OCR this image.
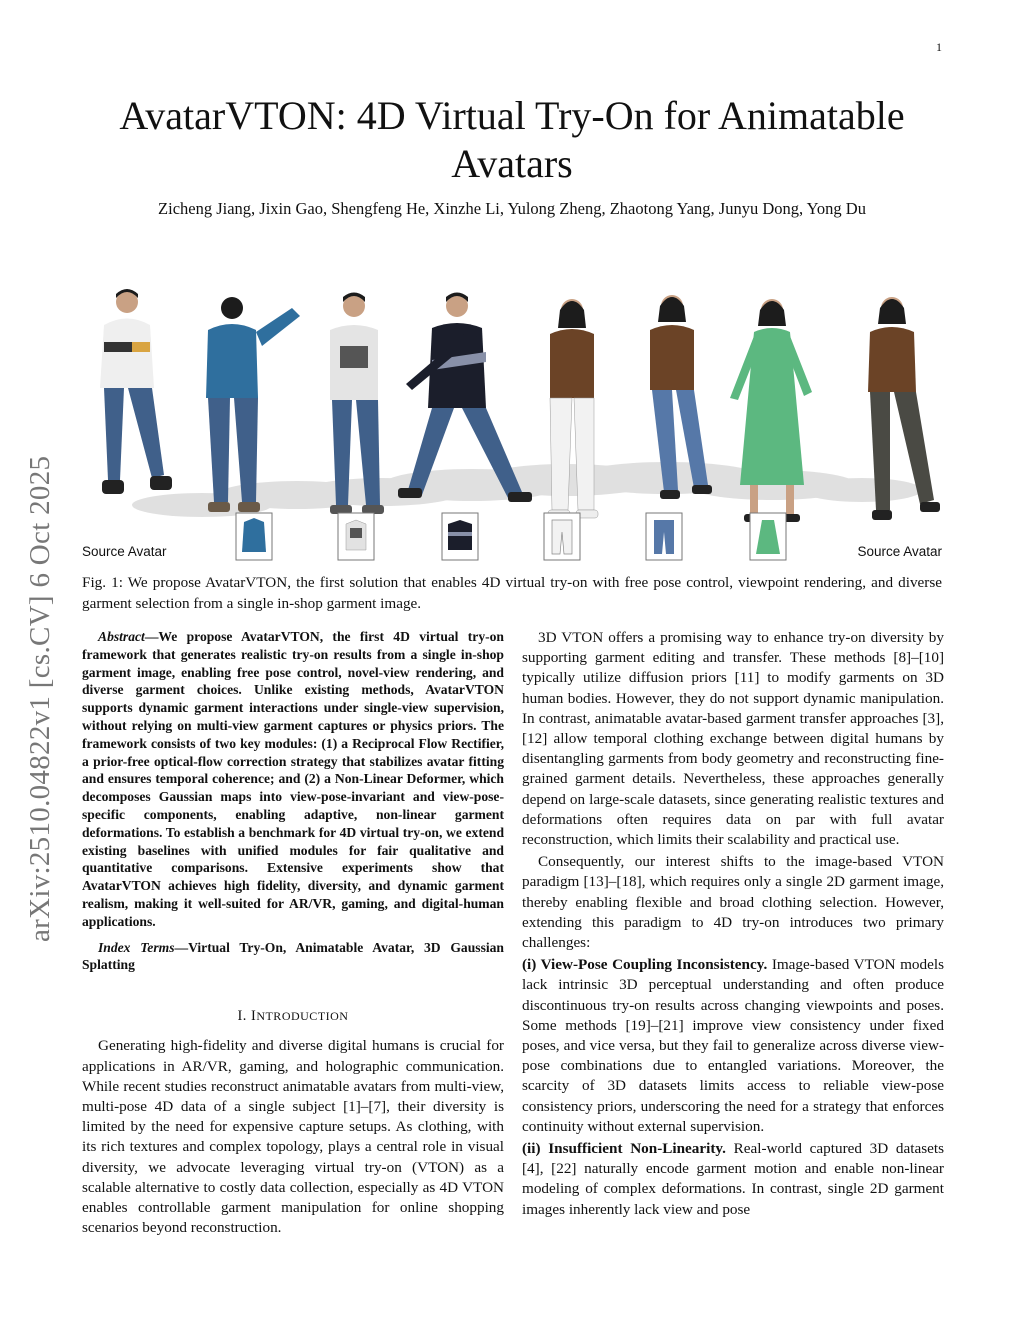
1
arXiv:2510.04822v1 [cs.CV] 6 Oct 2025
AvatarVTON: 4D Virtual Try-On for Animatable Avatars
Zicheng Jiang, Jixin Gao, Shengfeng He, Xinzhe Li, Yulong Zheng, Zhaotong Yang, Junyu Dong, Yong Du
Source Avatar	Source Avatar
Fig. 1: We propose AvatarVTON, the first solution that enables 4D virtual try-on with free pose control, viewpoint rendering, and diverse garment selection from a single in-shop garment image.

Abstract—We propose AvatarVTON, the first 4D virtual try-on framework that generates realistic try-on results from a single in-shop garment image, enabling free pose control, novel-view rendering, and diverse garment choices. Unlike existing methods, AvatarVTON supports dynamic garment interactions under single-view supervision, without relying on multi-view garment captures or physics priors. The framework consists of two key modules: (1) a Reciprocal Flow Rectifier, a prior-free optical-flow correction strategy that stabilizes avatar fitting and ensures temporal coherence; and (2) a Non-Linear Deformer, which decomposes Gaussian maps into view-pose-invariant and view-pose-specific components, enabling adaptive, non-linear garment deformations. To establish a benchmark for 4D virtual try-on, we extend existing baselines with unified modules for fair qualitative and quantitative comparisons. Extensive experiments show that AvatarVTON achieves high fidelity, diversity, and dynamic garment realism, making it well-suited for AR/VR, gaming, and digital-human applications.

Index Terms—Virtual Try-On, Animatable Avatar, 3D Gaussian Splatting

I. INTRODUCTION

Generating high-fidelity and diverse digital humans is crucial for applications in AR/VR, gaming, and holographic communication. While recent studies reconstruct animatable avatars from multi-view, multi-pose 4D data of a single subject [1]–[7], their diversity is limited by the need for expensive capture setups. As clothing, with its rich textures and complex topology, plays a central role in visual diversity, we advocate leveraging virtual try-on (VTON) as a scalable alternative to costly data collection, especially as 4D VTON enables controllable garment manipulation for online shopping scenarios beyond reconstruction.

3D VTON offers a promising way to enhance try-on diversity by supporting garment editing and transfer. These methods [8]–[10] typically utilize diffusion priors [11] to modify garments on 3D human bodies. However, they do not support dynamic manipulation. In contrast, animatable avatar-based garment transfer approaches [3], [12] allow temporal clothing exchange between digital humans by disentangling garments from body geometry and reconstructing fine-grained garment details. Nevertheless, these approaches generally depend on large-scale datasets, since generating realistic textures and deformations often requires data on par with full avatar reconstruction, which limits their scalability and practical use.

Consequently, our interest shifts to the image-based VTON paradigm [13]–[18], which requires only a single 2D garment image, thereby enabling flexible and broad clothing selection. However, extending this paradigm to 4D try-on introduces two primary challenges:

(i) View-Pose Coupling Inconsistency. Image-based VTON models lack intrinsic 3D perceptual understanding and often produce discontinuous try-on results across changing viewpoints and poses. Some methods [19]–[21] improve view consistency under fixed poses, and vice versa, but they fail to generalize across diverse view-pose combinations due to entangled variations. Moreover, the scarcity of 3D datasets limits access to reliable view-pose consistency priors, underscoring the need for a strategy that enforces continuity without external supervision.

(ii) Insufficient Non-Linearity. Real-world captured 3D datasets [4], [22] naturally encode garment motion and enable non-linear modeling of complex deformations. In contrast, single 2D garment images inherently lack view and pose
